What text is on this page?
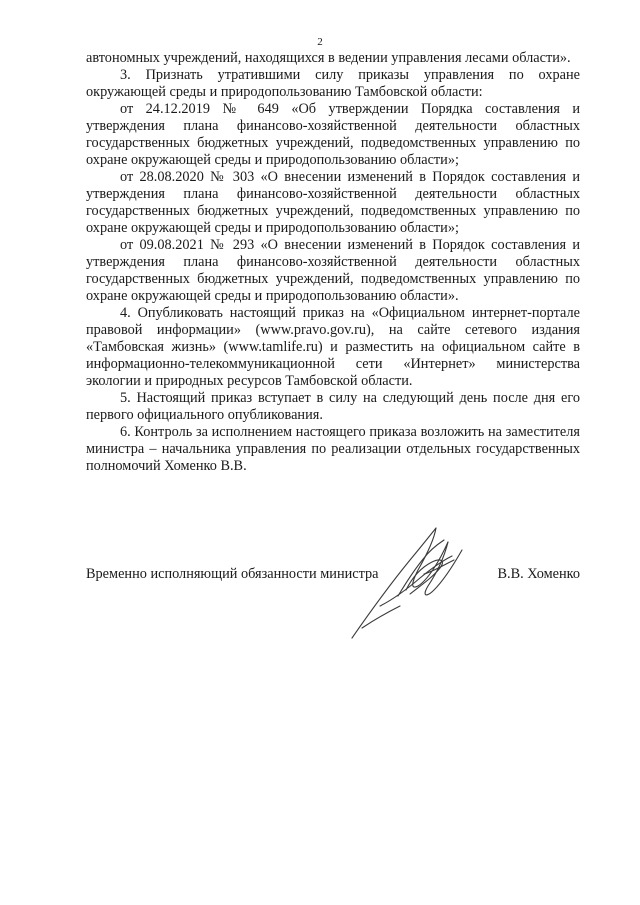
2

автономных учреждений, находящихся в ведении управления лесами области».

3. Признать утратившими силу приказы управления по охране окружающей среды и природопользованию Тамбовской области:

от 24.12.2019 № 649 «Об утверждении Порядка составления и утверждения плана финансово-хозяйственной деятельности областных государственных бюджетных учреждений, подведомственных управлению по охране окружающей среды и природопользованию области»;

от 28.08.2020 № 303 «О внесении изменений в Порядок составления и утверждения плана финансово-хозяйственной деятельности областных государственных бюджетных учреждений, подведомственных управлению по охране окружающей среды и природопользованию области»;

от 09.08.2021 № 293 «О внесении изменений в Порядок составления и утверждения плана финансово-хозяйственной деятельности областных государственных бюджетных учреждений, подведомственных управлению по охране окружающей среды и природопользованию области».

4. Опубликовать настоящий приказ на «Официальном интернет-портале правовой информации» (www.pravo.gov.ru), на сайте сетевого издания «Тамбовская жизнь» (www.tamlife.ru) и разместить на официальном сайте в информационно-телекоммуникационной сети «Интернет» министерства экологии и природных ресурсов Тамбовской области.

5. Настоящий приказ вступает в силу на следующий день после дня его первого официального опубликования.

6. Контроль за исполнением настоящего приказа возложить на заместителя министра – начальника управления по реализации отдельных государственных полномочий Хоменко В.В.

Временно исполняющий обязанности министра	В.В. Хоменко
